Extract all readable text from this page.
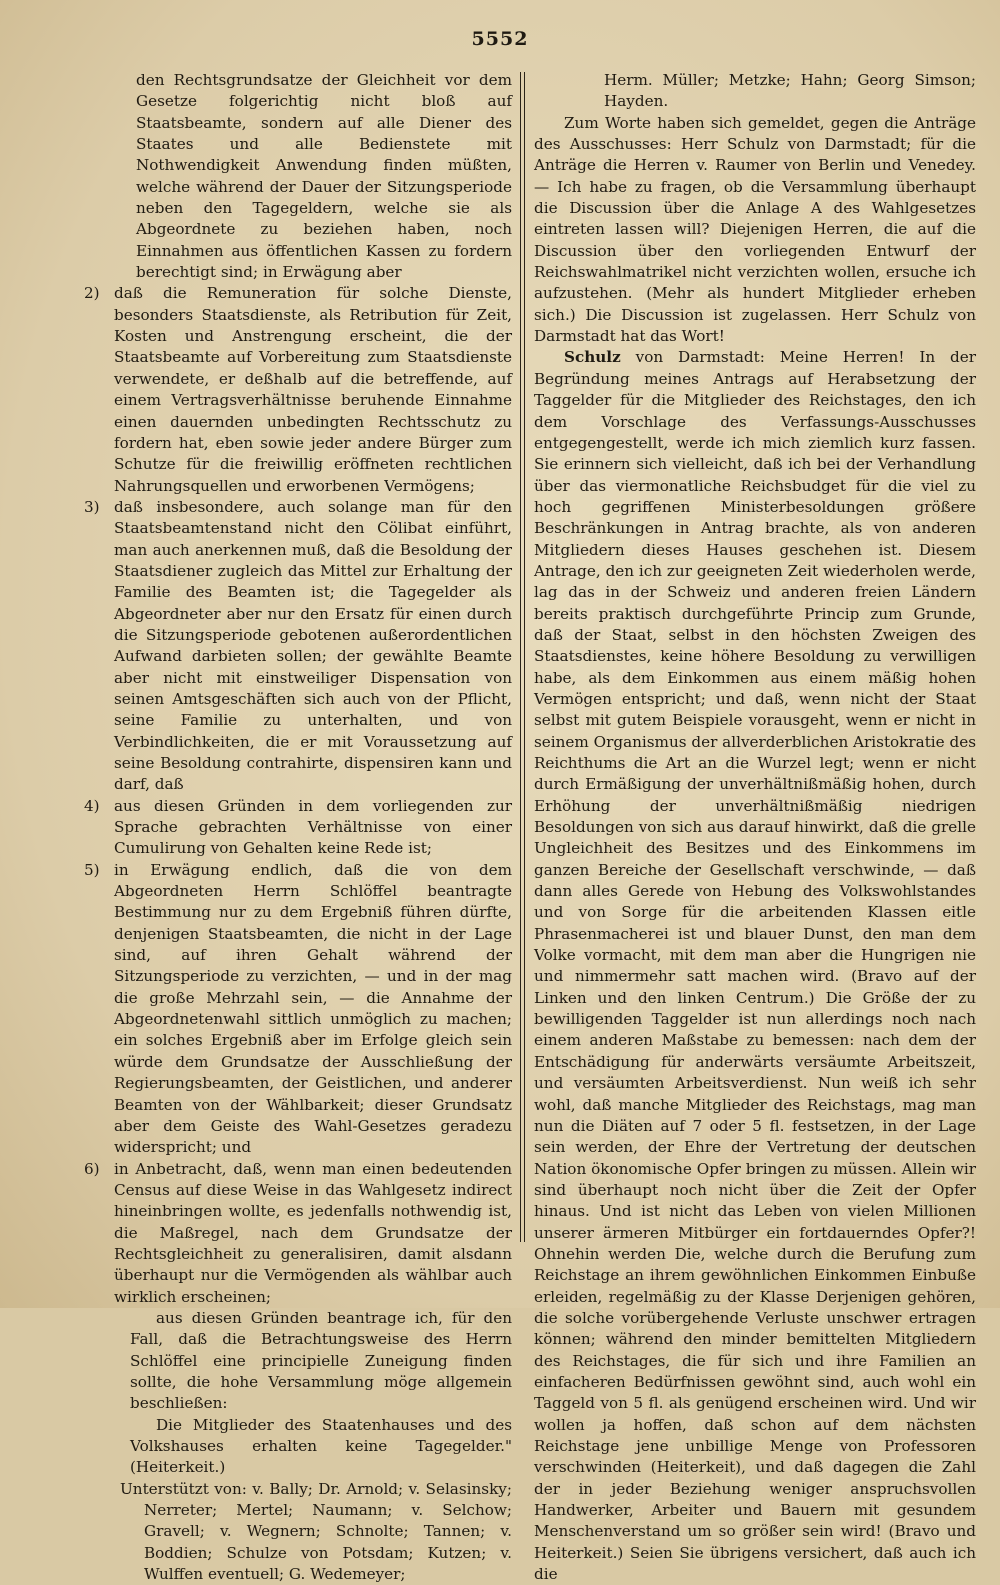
5552

den Rechtsgrundsatze der Gleichheit vor dem Gesetze folgerichtig nicht bloß auf Staatsbeamte, sondern auf alle Diener des Staates und alle Bedienstete mit Nothwendigkeit Anwendung finden müßten, welche während der Dauer der Sitzungsperiode neben den Tagegeldern, welche sie als Abgeordnete zu beziehen haben, noch Einnahmen aus öffentlichen Kassen zu fordern berechtigt sind; in Erwägung aber

2) daß die Remuneration für solche Dienste, besonders Staatsdienste, als Retribution für Zeit, Kosten und Anstrengung erscheint, die der Staatsbeamte auf Vorbereitung zum Staatsdienste verwendete, er deßhalb auf die betreffende, auf einem Vertragsverhältnisse beruhende Einnahme einen dauernden unbedingten Rechtsschutz zu fordern hat, eben sowie jeder andere Bürger zum Schutze für die freiwillig eröffneten rechtlichen Nahrungsquellen und erworbenen Vermögens;
3) daß insbesondere, auch solange man für den Staatsbeamtenstand nicht den Cölibat einführt, man auch anerkennen muß, daß die Besoldung der Staatsdiener zugleich das Mittel zur Erhaltung der Familie des Beamten ist; die Tagegelder als Abgeordneter aber nur den Ersatz für einen durch die Sitzungsperiode gebotenen außerordentlichen Aufwand darbieten sollen; der gewählte Beamte aber nicht mit einstweiliger Dispensation von seinen Amtsgeschäften sich auch von der Pflicht, seine Familie zu unterhalten, und von Verbindlichkeiten, die er mit Voraussetzung auf seine Besoldung contrahirte, dispensiren kann und darf, daß
4) aus diesen Gründen in dem vorliegenden zur Sprache gebrachten Verhältnisse von einer Cumulirung von Gehalten keine Rede ist;
5) in Erwägung endlich, daß die von dem Abgeordneten Herrn Schlöffel beantragte Bestimmung nur zu dem Ergebniß führen dürfte, denjenigen Staatsbeamten, die nicht in der Lage sind, auf ihren Gehalt während der Sitzungsperiode zu verzichten, — und in der mag die große Mehrzahl sein, — die Annahme der Abgeordnetenwahl sittlich unmöglich zu machen; ein solches Ergebniß aber im Erfolge gleich sein würde dem Grundsatze der Ausschließung der Regierungsbeamten, der Geistlichen, und anderer Beamten von der Wählbarkeit; dieser Grundsatz aber dem Geiste des Wahl-Gesetzes geradezu widerspricht; und
6) in Anbetracht, daß, wenn man einen bedeutenden Census auf diese Weise in das Wahlgesetz indirect hineinbringen wollte, es jedenfalls nothwendig ist, die Maßregel, nach dem Grundsatze der Rechtsgleichheit zu generalisiren, damit alsdann überhaupt nur die Vermögenden als wählbar auch wirklich erscheinen;

aus diesen Gründen beantrage ich, für den Fall, daß die Betrachtungsweise des Herrn Schlöffel eine principielle Zuneigung finden sollte, die hohe Versammlung möge allgemein beschließen:

Die Mitglieder des Staatenhauses und des Volkshauses erhalten keine Tagegelder." (Heiterkeit.)

Unterstützt von: v. Bally; Dr. Arnold; v. Selasinsky; Nerreter; Mertel; Naumann; v. Selchow; Gravell; v. Wegnern; Schnolte; Tannen; v. Boddien; Schulze von Potsdam; Kutzen; v. Wulffen eventuell; G. Wedemeyer;

Herm. Müller; Metzke; Hahn; Georg Simson; Hayden.

Zum Worte haben sich gemeldet, gegen die Anträge des Ausschusses: Herr Schulz von Darmstadt; für die Anträge die Herren v. Raumer von Berlin und Venedey. — Ich habe zu fragen, ob die Versammlung überhaupt die Discussion über die Anlage A des Wahlgesetzes eintreten lassen will? Diejenigen Herren, die auf die Discussion über den vorliegenden Entwurf der Reichswahlmatrikel nicht verzichten wollen, ersuche ich aufzustehen. (Mehr als hundert Mitglieder erheben sich.) Die Discussion ist zugelassen. Herr Schulz von Darmstadt hat das Wort!

Schulz von Darmstadt: Meine Herren! In der Begründung meines Antrags auf Herabsetzung der Taggelder für die Mitglieder des Reichstages, den ich dem Vorschlage des Verfassungs-Ausschusses entgegengestellt, werde ich mich ziemlich kurz fassen. Sie erinnern sich vielleicht, daß ich bei der Verhandlung über das viermonatliche Reichsbudget für die viel zu hoch gegriffenen Ministerbesoldungen größere Beschränkungen in Antrag brachte, als von anderen Mitgliedern dieses Hauses geschehen ist. Diesem Antrage, den ich zur geeigneten Zeit wiederholen werde, lag das in der Schweiz und anderen freien Ländern bereits praktisch durchgeführte Princip zum Grunde, daß der Staat, selbst in den höchsten Zweigen des Staatsdienstes, keine höhere Besoldung zu verwilligen habe, als dem Einkommen aus einem mäßig hohen Vermögen entspricht; und daß, wenn nicht der Staat selbst mit gutem Beispiele vorausgeht, wenn er nicht in seinem Organismus der allverderblichen Aristokratie des Reichthums die Art an die Wurzel legt; wenn er nicht durch Ermäßigung der unverhältnißmäßig hohen, durch Erhöhung der unverhältnißmäßig niedrigen Besoldungen von sich aus darauf hinwirkt, daß die grelle Ungleichheit des Besitzes und des Einkommens im ganzen Bereiche der Gesellschaft verschwinde, — daß dann alles Gerede von Hebung des Volkswohlstandes und von Sorge für die arbeitenden Klassen eitle Phrasenmacherei ist und blauer Dunst, den man dem Volke vormacht, mit dem man aber die Hungrigen nie und nimmermehr satt machen wird. (Bravo auf der Linken und den linken Centrum.) Die Größe der zu bewilligenden Taggelder ist nun allerdings noch nach einem anderen Maßstabe zu bemessen: nach dem der Entschädigung für anderwärts versäumte Arbeitszeit, und versäumten Arbeitsverdienst. Nun weiß ich sehr wohl, daß manche Mitglieder des Reichstags, mag man nun die Diäten auf 7 oder 5 fl. festsetzen, in der Lage sein werden, der Ehre der Vertretung der deutschen Nation ökonomische Opfer bringen zu müssen. Allein wir sind überhaupt noch nicht über die Zeit der Opfer hinaus. Und ist nicht das Leben von vielen Millionen unserer ärmeren Mitbürger ein fortdauerndes Opfer?! Ohnehin werden Die, welche durch die Berufung zum Reichstage an ihrem gewöhnlichen Einkommen Einbuße erleiden, regelmäßig zu der Klasse Derjenigen gehören, die solche vorübergehende Verluste unschwer ertragen können; während den minder bemittelten Mitgliedern des Reichstages, die für sich und ihre Familien an einfacheren Bedürfnissen gewöhnt sind, auch wohl ein Taggeld von 5 fl. als genügend erscheinen wird. Und wir wollen ja hoffen, daß schon auf dem nächsten Reichstage jene unbillige Menge von Professoren verschwinden (Heiterkeit), und daß dagegen die Zahl der in jeder Beziehung weniger anspruchsvollen Handwerker, Arbeiter und Bauern mit gesundem Menschenverstand um so größer sein wird! (Bravo und Heiterkeit.) Seien Sie übrigens versichert, daß auch ich die
